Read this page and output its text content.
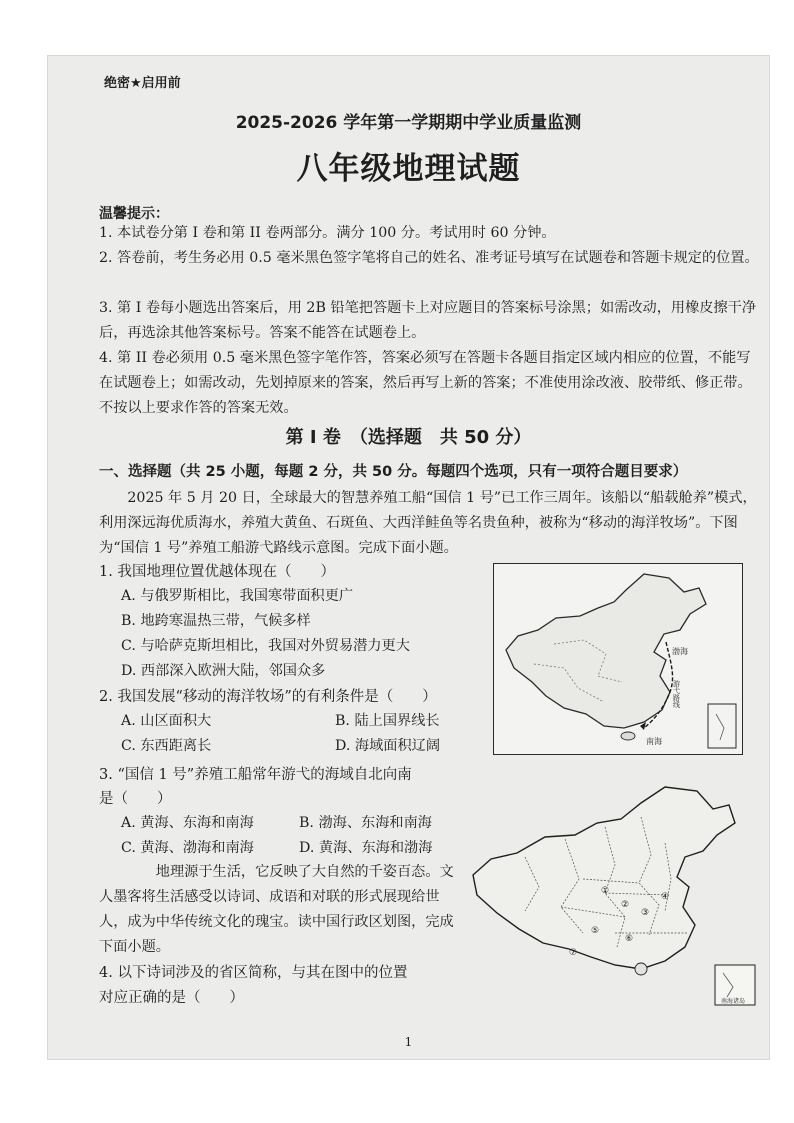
绝密★启用前
2025-2026 学年第一学期期中学业质量监测
八年级地理试题
温馨提示：
1. 本试卷分第 I 卷和第 II 卷两部分。满分 100 分。考试用时 60 分钟。
2. 答卷前，考生务必用 0.5 毫米黑色签字笔将自己的姓名、准考证号填写在试题卷和答题卡规定的位置。
3. 第 I 卷每小题选出答案后，用 2B 铅笔把答题卡上对应题目的答案标号涂黑；如需改动，用橡皮擦干净后，再选涂其他答案标号。答案不能答在试题卷上。
4. 第 II 卷必须用 0.5 毫米黑色签字笔作答，答案必须写在答题卡各题目指定区域内相应的位置，不能写在试题卷上；如需改动，先划掉原来的答案，然后再写上新的答案；不准使用涂改液、胶带纸、修正带。不按以上要求作答的答案无效。
第 I 卷　（选择题　共 50 分）
一、选择题（共 25 小题，每题 2 分，共 50 分。每题四个选项，只有一项符合题目要求）
2025 年 5 月 20 日，全球最大的智慧养殖工船“国信 1 号”已工作三周年。该船以“船载舱养”模式，利用深远海优质海水，养殖大黄鱼、石斑鱼、大西洋鲑鱼等名贵鱼种，被称为“移动的海洋牧场”。下图为“国信 1 号”养殖工船游弋路线示意图。完成下面小题。
1. 我国地理位置优越体现在（　　）
A. 与俄罗斯相比，我国寒带面积更广
B. 地跨寒温热三带，气候多样
C. 与哈萨克斯坦相比，我国对外贸易潜力更大
D. 西部深入欧洲大陆，邻国众多
2. 我国发展“移动的海洋牧场”的有利条件是（　　）
A. 山区面积大	B. 陆上国界线长
C. 东西距离长	D. 海域面积辽阔
3. “国信 1 号”养殖工船常年游弋的海域自北向南
是（　　）
A. 黄海、东海和南海	B. 渤海、东海和南海
C. 黄海、渤海和南海	D. 黄海、东海和渤海
地理源于生活，它反映了大自然的千姿百态。文人墨客将生活感受以诗词、成语和对联的形式展现给世人，成为中华传统文化的瑰宝。读中国行政区划图，完成下面小题。
4. 以下诗词涉及的省区简称，与其在图中的位置
对应正确的是（　　）
渤海
游弋路线
南海
①
②
③
④
⑤
⑥
⑦
南海诸岛
1
